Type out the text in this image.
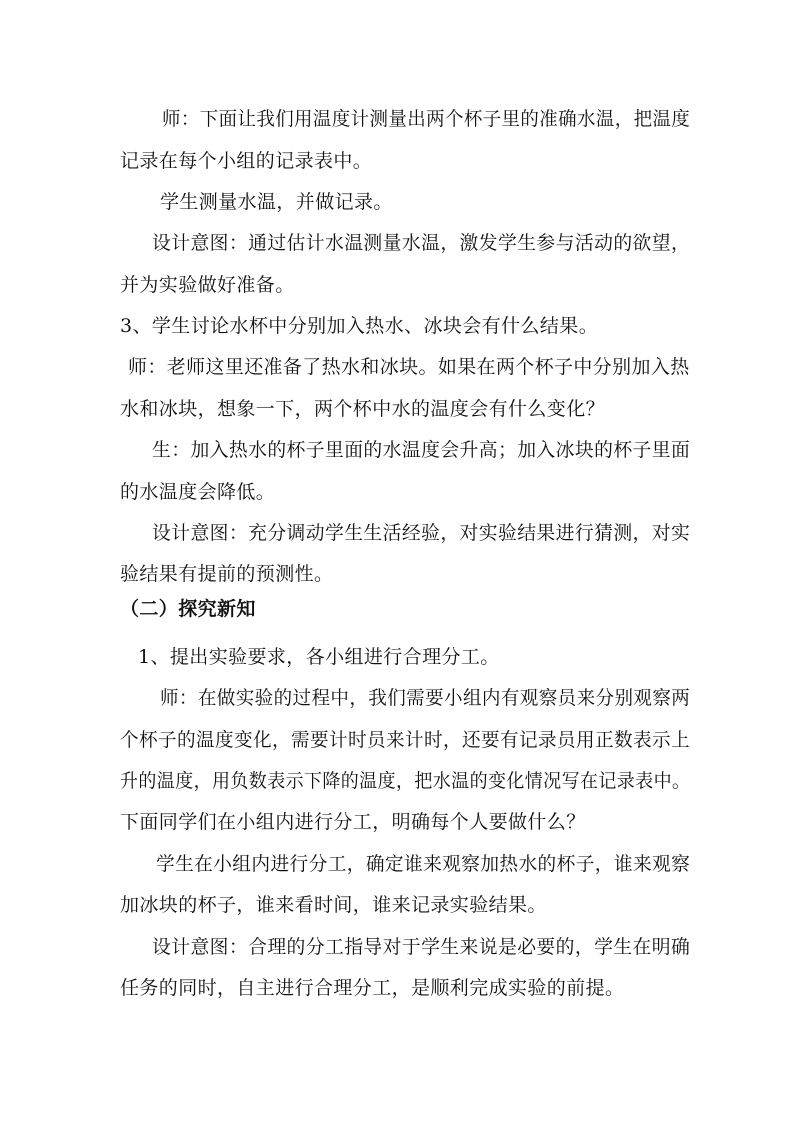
师：下面让我们用温度计测量出两个杯子里的准确水温，把温度
记录在每个小组的记录表中。
学生测量水温，并做记录。
设计意图：通过估计水温测量水温，激发学生参与活动的欲望，
并为实验做好准备。
3、学生讨论水杯中分别加入热水、冰块会有什么结果。
师：老师这里还准备了热水和冰块。如果在两个杯子中分别加入热
水和冰块，想象一下，两个杯中水的温度会有什么变化？
生：加入热水的杯子里面的水温度会升高；加入冰块的杯子里面
的水温度会降低。
设计意图：充分调动学生生活经验，对实验结果进行猜测，对实
验结果有提前的预测性。
（二）探究新知
1、提出实验要求，各小组进行合理分工。
师：在做实验的过程中，我们需要小组内有观察员来分别观察两
个杯子的温度变化，需要计时员来计时，还要有记录员用正数表示上
升的温度，用负数表示下降的温度，把水温的变化情况写在记录表中。
下面同学们在小组内进行分工，明确每个人要做什么？
学生在小组内进行分工，确定谁来观察加热水的杯子，谁来观察
加冰块的杯子，谁来看时间，谁来记录实验结果。
设计意图：合理的分工指导对于学生来说是必要的，学生在明确
任务的同时，自主进行合理分工，是顺利完成实验的前提。
